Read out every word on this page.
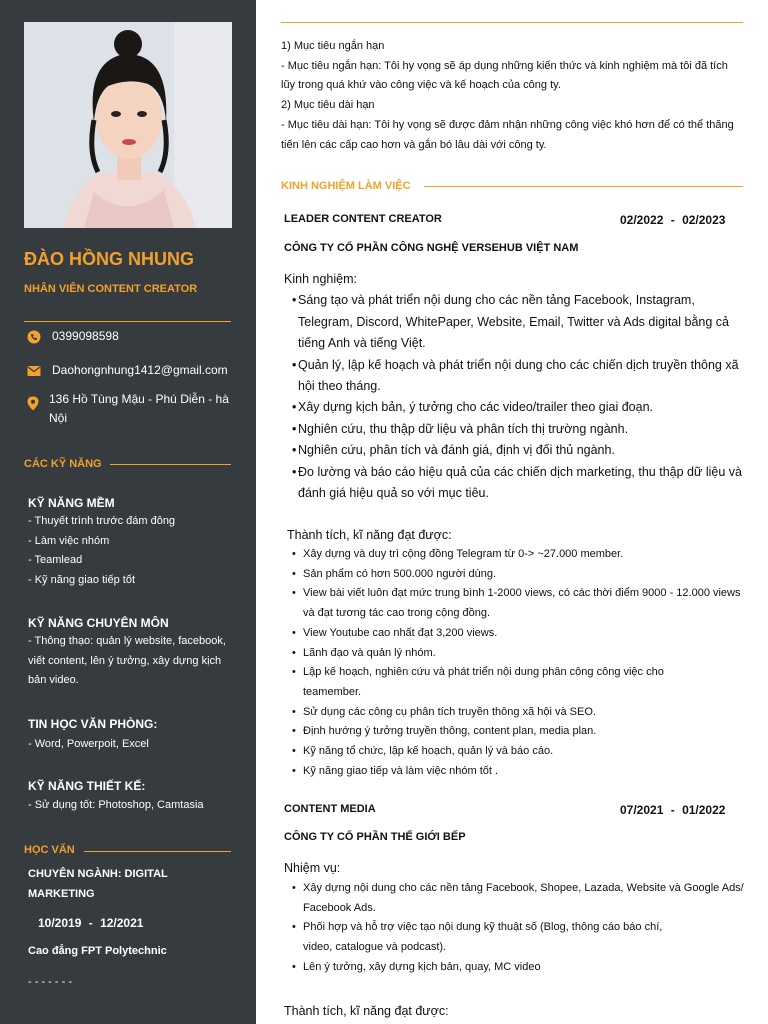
ĐÀO HỒNG NHUNG
NHÂN VIÊN CONTENT CREATOR
0399098598
Daohongnhung1412@gmail.com
136 Hồ Tùng Mậu - Phú Diễn - hà Nội
CÁC KỸ NĂNG
KỸ NĂNG MỀM
- Thuyết trình trước đám đông
- Làm việc nhóm
- Teamlead
- Kỹ năng giao tiếp tốt
KỸ NĂNG CHUYÊN MÔN
- Thông thạo: quản lý website, facebook, viết content, lên ý tưởng, xây dựng kịch bản video.
TIN HỌC VĂN PHÒNG:
- Word, Powerpoit, Excel
KỸ NĂNG THIẾT KẾ:
- Sử dụng tốt: Photoshop, Camtasia
HỌC VẤN
CHUYÊN NGÀNH: DIGITAL MARKETING
10/2019 - 12/2021
Cao đẳng FPT Polytechnic
- - - - - - -
1) Mục tiêu ngắn hạn
- Mục tiêu ngắn hạn: Tôi hy vọng sẽ áp dụng những kiến thức và kinh nghiệm mà tôi đã tích lũy trong quá khứ vào công việc và kế hoạch của công ty.
2) Mục tiêu dài hạn
- Mục tiêu dài hạn: Tôi hy vọng sẽ được đảm nhận những công việc khó hơn để có thể thăng tiến lên các cấp cao hơn và gắn bó lâu dài với công ty.
KINH NGHIỆM LÀM VIỆC
LEADER CONTENT CREATOR	02/2022 - 02/2023
CÔNG TY CỔ PHẦN CÔNG NGHỆ VERSEHUB VIỆT NAM
Kinh nghiệm:
• Sáng tạo và phát triển nội dung cho các nền tảng Facebook, Instagram, Telegram, Discord, WhitePaper, Website, Email, Twitter và Ads digital bằng cả tiếng Anh và tiếng Việt.
• Quản lý, lập kế hoạch và phát triển nội dung cho các chiến dịch truyền thông xã hội theo tháng.
• Xây dựng kịch bản, ý tưởng cho các video/trailer theo giai đoạn.
• Nghiên cứu, thu thập dữ liệu và phân tích thị trường ngành.
• Nghiên cứu, phân tích và đánh giá, định vị đối thủ ngành.
• Đo lường và báo cáo hiệu quả của các chiến dịch marketing, thu thập dữ liệu và đánh giá hiệu quả so với mục tiêu.
Thành tích, kĩ năng đạt được:
• Xây dựng và duy trì cộng đồng Telegram từ 0-> ~27.000 member.
• Sản phẩm có hơn 500.000 người dùng.
• View bài viết luôn đạt mức trung bình 1-2000 views, có các thời điểm 9000 - 12.000 views và đạt tương tác cao trong cộng đồng.
• View Youtube cao nhất đạt 3,200 views.
• Lãnh đạo và quản lý nhóm.
• Lập kế hoạch, nghiên cứu và phát triển nội dung phân công công việc cho teamember.
• Sử dụng các công cụ phân tích truyền thông xã hội và SEO.
• Định hướng ý tưởng truyền thông, content plan, media plan.
• Kỹ năng tổ chức, lập kế hoạch, quản lý và báo cáo.
• Kỹ năng giao tiếp và làm việc nhóm tốt .
CONTENT MEDIA	07/2021 - 01/2022
CÔNG TY CỔ PHẦN THẾ GIỚI BẾP
Nhiệm vụ:
• Xây dựng nội dung cho các nền tảng Facebook, Shopee, Lazada, Website và Google Ads/ Facebook Ads.
• Phối hợp và hỗ trợ việc tạo nội dung kỹ thuật số (Blog, thông cáo báo chí, video, catalogue và podcast).
• Lên ý tưởng, xây dựng kịch bản, quay, MC video
Thành tích, kĩ năng đạt được:
